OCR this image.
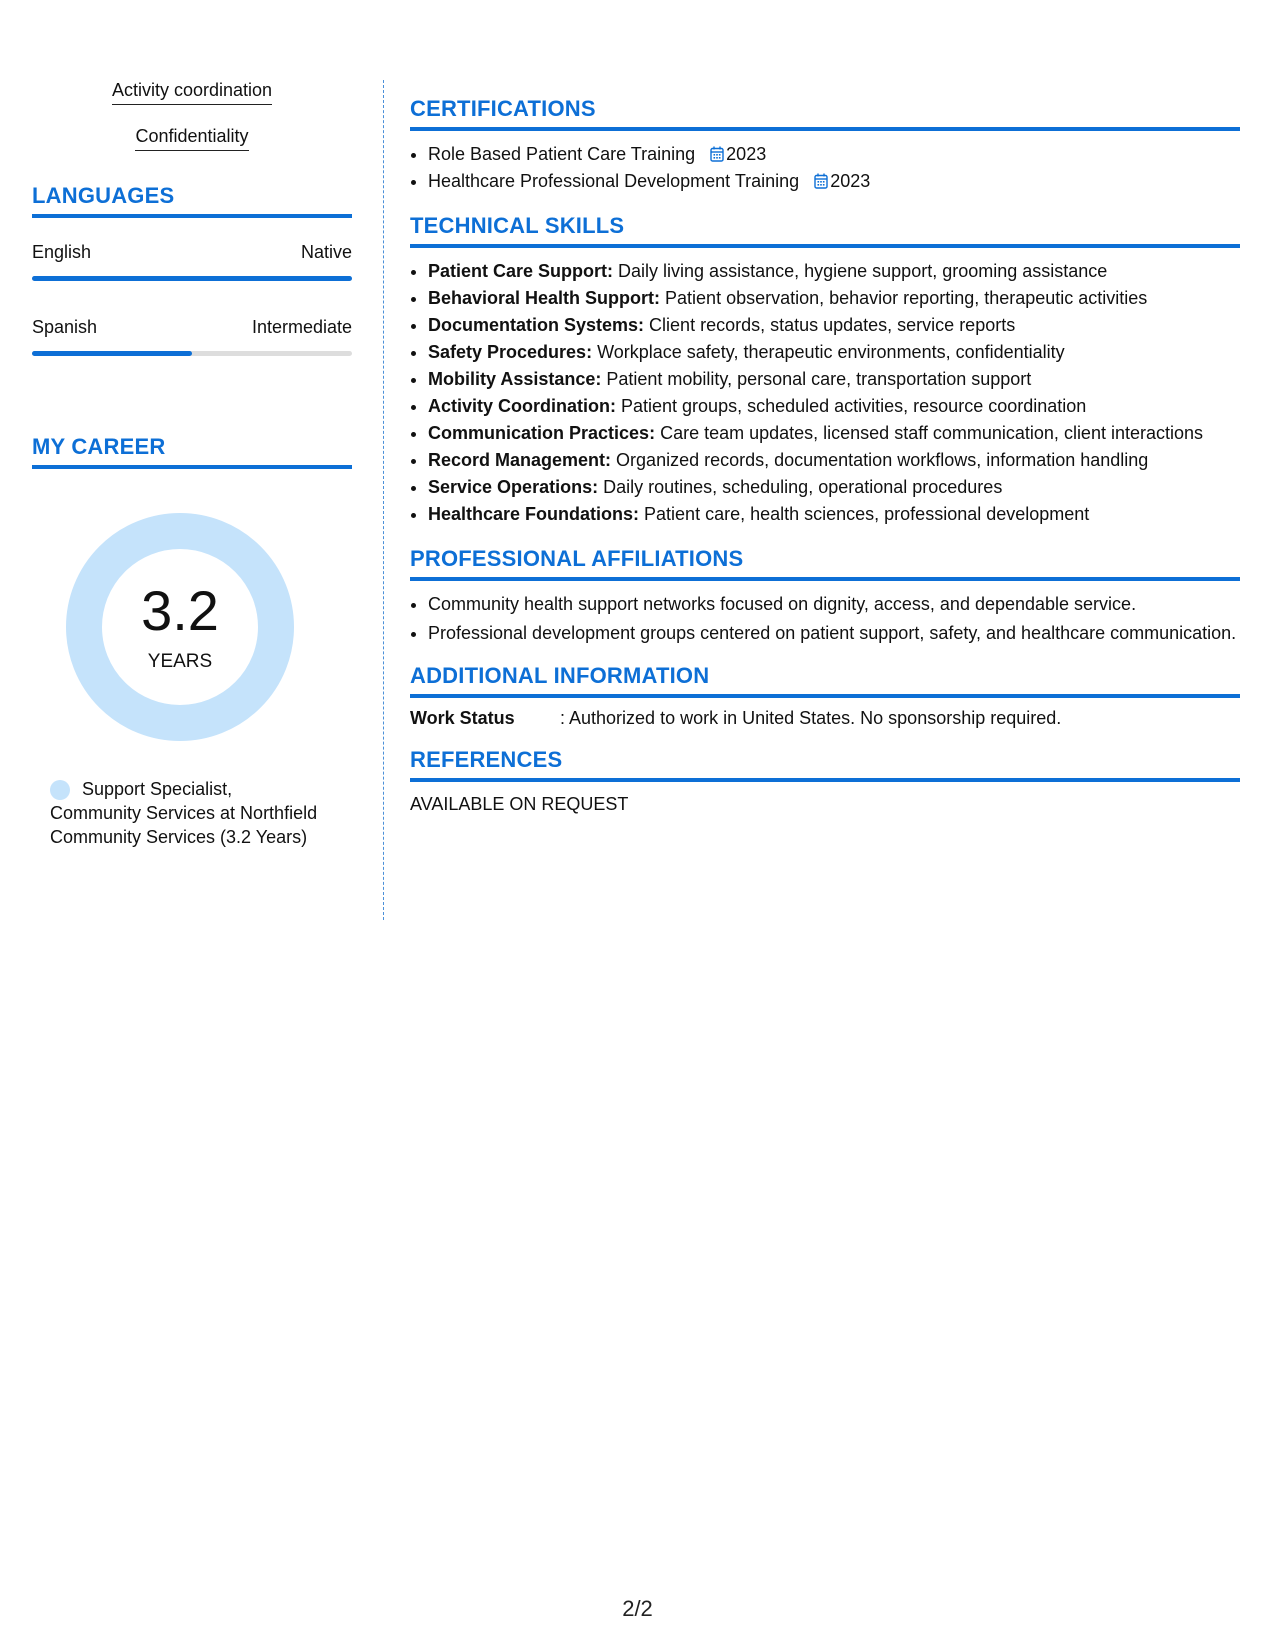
Activity coordination
Confidentiality
LANGUAGES
English	Native
Spanish	Intermediate
MY CAREER
3.2
YEARS
Support Specialist, Community Services at Northfield Community Services (3.2 Years)
CERTIFICATIONS
• Role Based Patient Care Training 2023
• Healthcare Professional Development Training 2023
TECHNICAL SKILLS
• Patient Care Support: Daily living assistance, hygiene support, grooming assistance
• Behavioral Health Support: Patient observation, behavior reporting, therapeutic activities
• Documentation Systems: Client records, status updates, service reports
• Safety Procedures: Workplace safety, therapeutic environments, confidentiality
• Mobility Assistance: Patient mobility, personal care, transportation support
• Activity Coordination: Patient groups, scheduled activities, resource coordination
• Communication Practices: Care team updates, licensed staff communication, client interactions
• Record Management: Organized records, documentation workflows, information handling
• Service Operations: Daily routines, scheduling, operational procedures
• Healthcare Foundations: Patient care, health sciences, professional development
PROFESSIONAL AFFILIATIONS
• Community health support networks focused on dignity, access, and dependable service.
• Professional development groups centered on patient support, safety, and healthcare communication.
ADDITIONAL INFORMATION
Work Status	: Authorized to work in United States. No sponsorship required.
REFERENCES
AVAILABLE ON REQUEST
2/2
